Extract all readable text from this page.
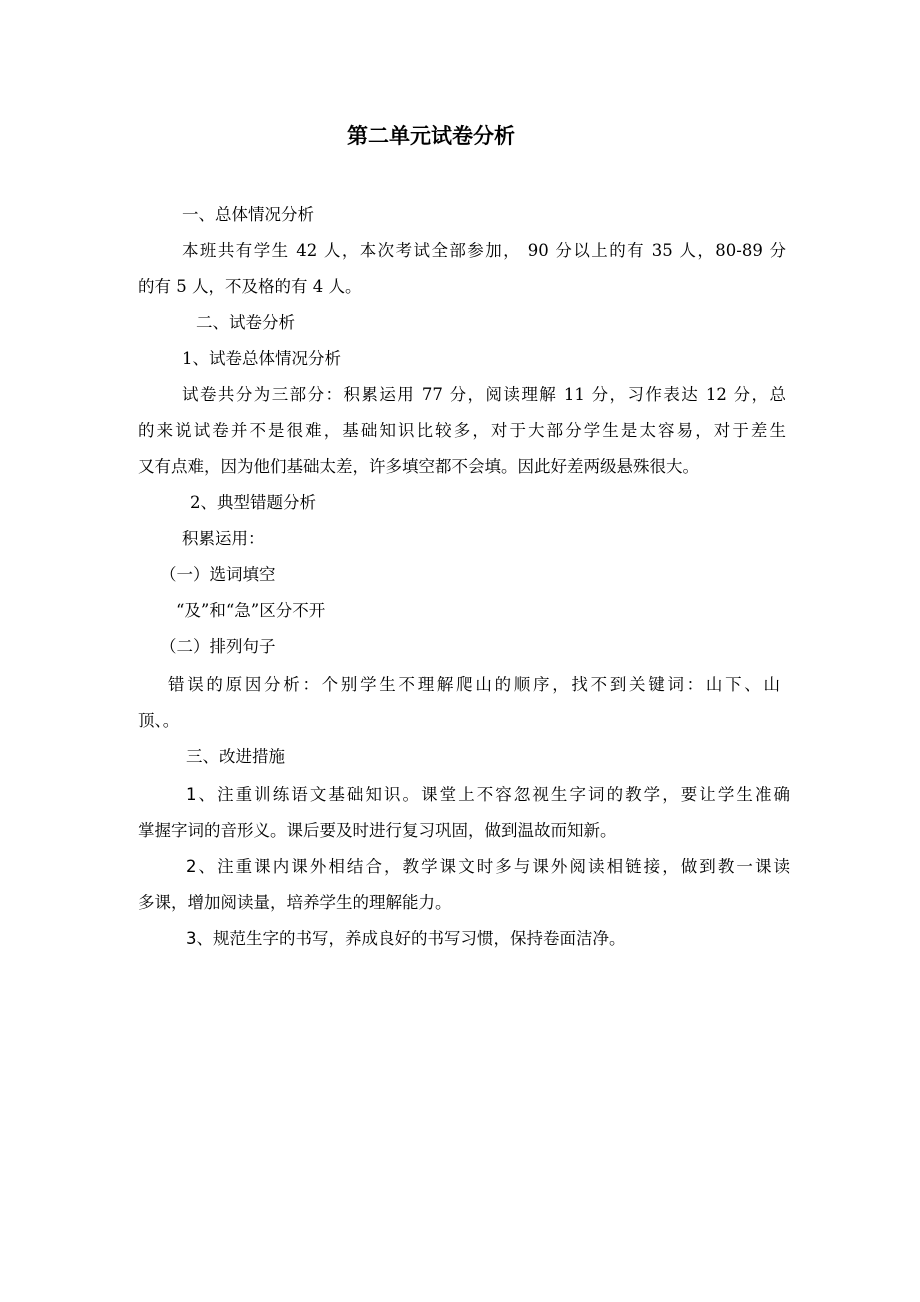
第二单元试卷分析
一、总体情况分析
本班共有学生 42 人，本次考试全部参加， 90 分以上的有 35 人，80-89 分
的有 5 人，不及格的有 4 人。
二、试卷分析
1、试卷总体情况分析
试卷共分为三部分：积累运用 77 分，阅读理解 11 分，习作表达 12 分，总
的来说试卷并不是很难，基础知识比较多，对于大部分学生是太容易，对于差生
又有点难，因为他们基础太差，许多填空都不会填。因此好差两级悬殊很大。
2、典型错题分析
积累运用：
（一）选词填空
“及”和“急”区分不开
（二）排列句子
错误的原因分析：个别学生不理解爬山的顺序，找不到关键词：山下、山
顶、。
三、改进措施
1、注重训练语文基础知识。课堂上不容忽视生字词的教学，要让学生准确
掌握字词的音形义。课后要及时进行复习巩固，做到温故而知新。
2、注重课内课外相结合，教学课文时多与课外阅读相链接，做到教一课读
多课，增加阅读量，培养学生的理解能力。
3、规范生字的书写，养成良好的书写习惯，保持卷面洁净。
